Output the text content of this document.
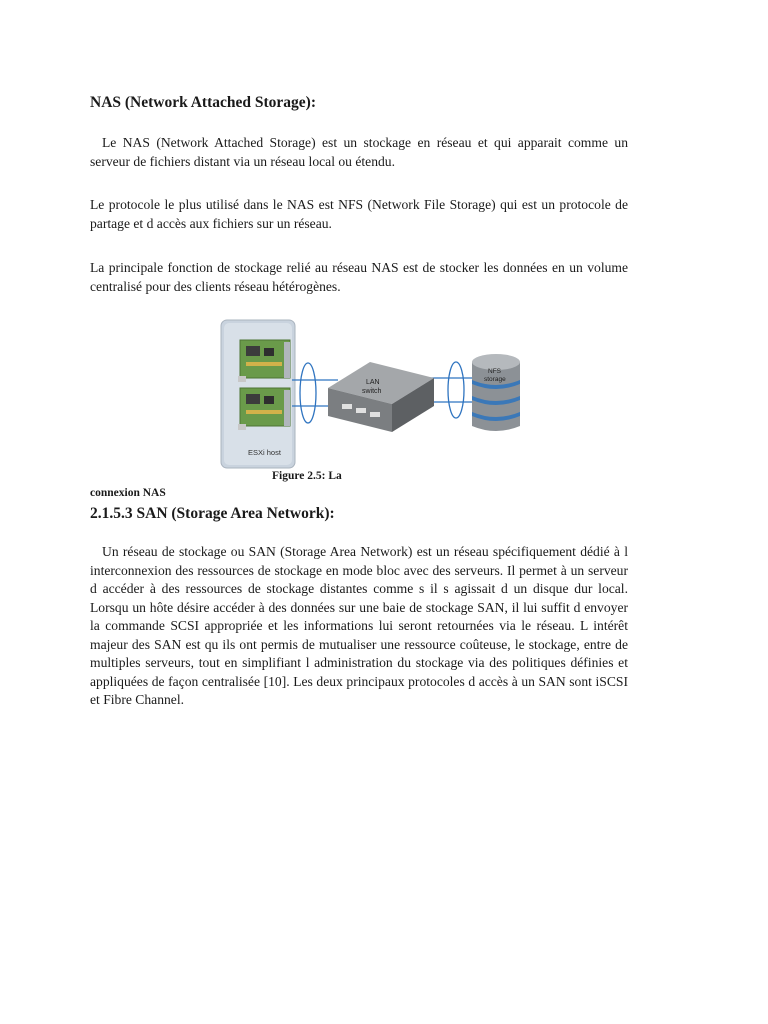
NAS (Network Attached Storage):

Le NAS (Network Attached Storage) est un stockage en réseau et qui apparait comme un serveur de fichiers distant via un réseau local ou étendu.

Le protocole le plus utilisé dans le NAS est NFS (Network File Storage) qui est un protocole de partage et d accès aux fichiers sur un réseau.

La principale fonction de stockage relié au réseau NAS est de stocker les données en un volume centralisé pour des clients réseau hétérogènes.

ESXi host
LAN
switch
NFS
storage
Figure 2.5: La
connexion NAS
2.1.5.3 SAN (Storage Area Network):

Un réseau de stockage ou SAN (Storage Area Network) est un réseau spécifiquement dédié à l interconnexion des ressources de stockage en mode bloc avec des serveurs. Il permet à un serveur d accéder à des ressources de stockage distantes comme s il s agissait d un disque dur local. Lorsqu un hôte désire accéder à des données sur une baie de stockage SAN, il lui suffit d envoyer la commande SCSI appropriée et les informations lui seront retournées via le réseau. L intérêt majeur des SAN est qu ils ont permis de mutualiser une ressource coûteuse, le stockage, entre de multiples serveurs, tout en simplifiant l administration du stockage via des politiques définies et appliquées de façon centralisée [10]. Les deux principaux protocoles d accès à un SAN sont iSCSI et Fibre Channel.
